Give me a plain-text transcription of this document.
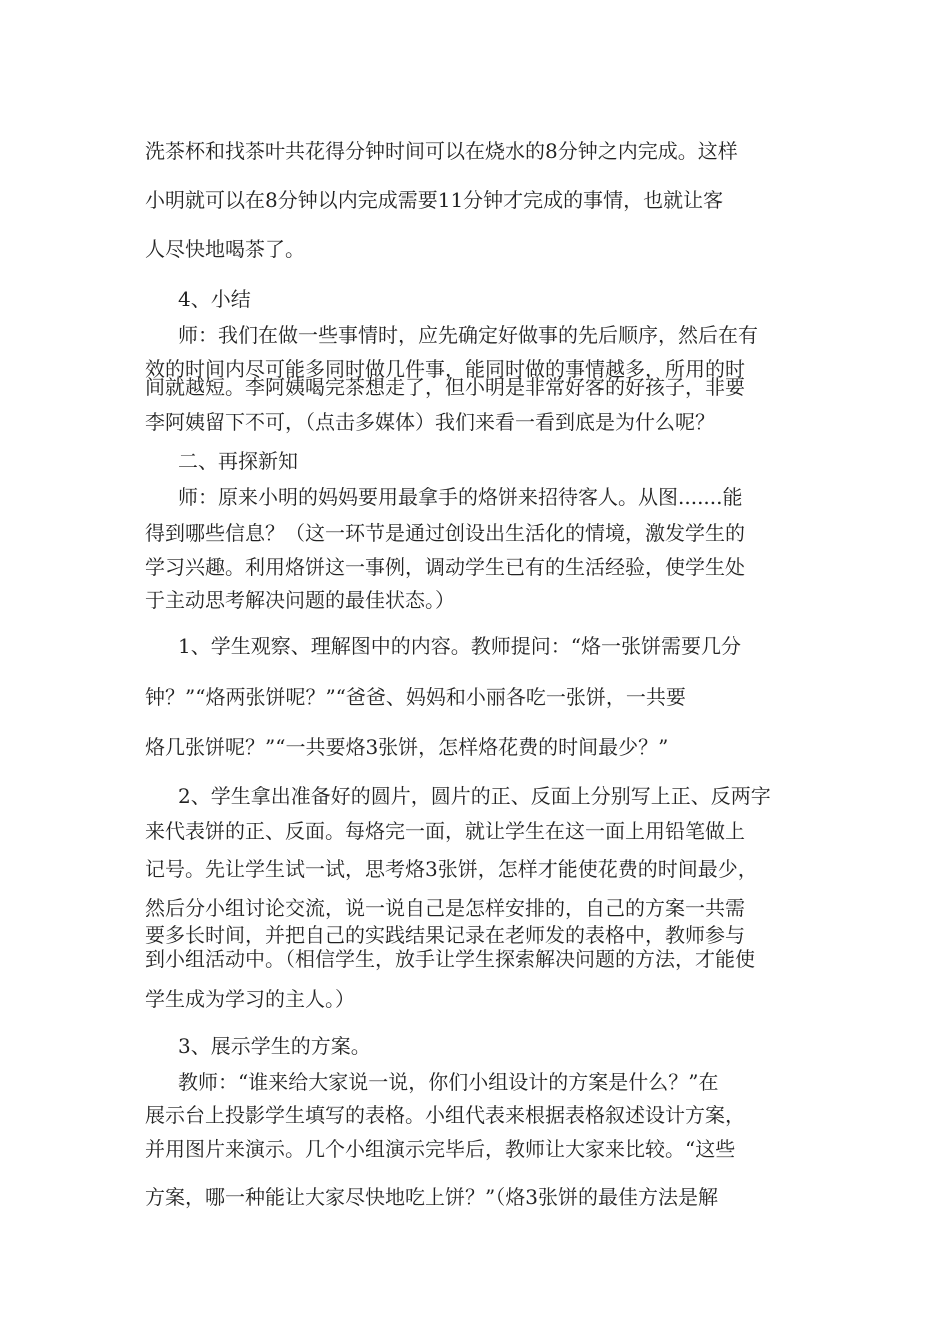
洗茶杯和找茶叶共花得分钟时间可以在烧水的8分钟之内完成。这样
小明就可以在8分钟以内完成需要11分钟才完成的事情，也就让客
人尽快地喝茶了。
4、小结
师：我们在做一些事情时，应先确定好做事的先后顺序，然后在有
效的时间内尽可能多同时做几件事，能同时做的事情越多，所用的时
间就越短。李阿姨喝完茶想走了，但小明是非常好客的好孩子，非要
李阿姨留下不可，（点击多媒体）我们来看一看到底是为什么呢？
二、再探新知
师：原来小明的妈妈要用最拿手的烙饼来招待客人。从图.......能
得到哪些信息？（这一环节是通过创设出生活化的情境，激发学生的
学习兴趣。利用烙饼这一事例，调动学生已有的生活经验，使学生处
于主动思考解决问题的最佳状态。）
1、学生观察、理解图中的内容。教师提问：“烙一张饼需要几分
钟？”“烙两张饼呢？”“爸爸、妈妈和小丽各吃一张饼，一共要
烙几张饼呢？”“一共要烙3张饼，怎样烙花费的时间最少？”
2、学生拿出准备好的圆片，圆片的正、反面上分别写上正、反两字
来代表饼的正、反面。每烙完一面，就让学生在这一面上用铅笔做上
记号。先让学生试一试，思考烙3张饼，怎样才能使花费的时间最少，
然后分小组讨论交流，说一说自己是怎样安排的，自己的方案一共需
要多长时间，并把自己的实践结果记录在老师发的表格中，教师参与
到小组活动中。（相信学生，放手让学生探索解决问题的方法，才能使
学生成为学习的主人。）
3、展示学生的方案。
教师：“谁来给大家说一说，你们小组设计的方案是什么？”在
展示台上投影学生填写的表格。小组代表来根据表格叙述设计方案，
并用图片来演示。几个小组演示完毕后，教师让大家来比较。“这些
方案，哪一种能让大家尽快地吃上饼？”（烙3张饼的最佳方法是解
